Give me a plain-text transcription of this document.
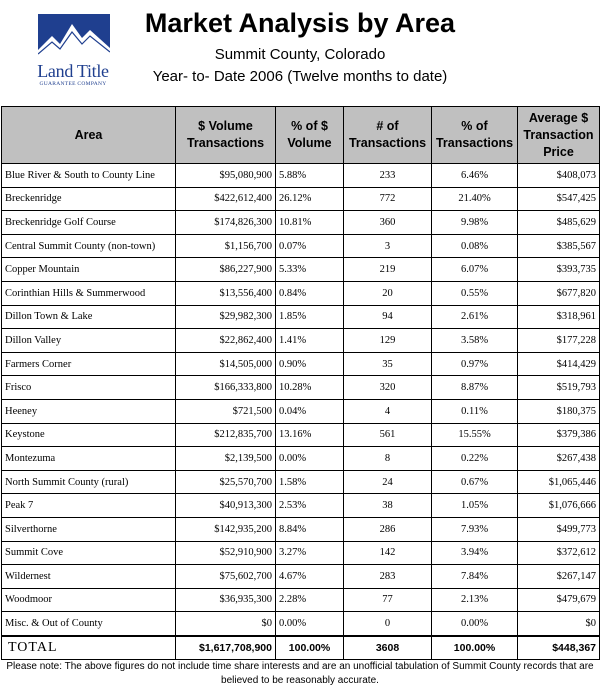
Land Title
GUARANTEE COMPANY
Market Analysis by Area
Summit County, Colorado
Year- to- Date 2006 (Twelve months to date)
Area	$ Volume Transactions	% of $ Volume	# of Transactions	% of Transactions	Average $ Transaction Price
Blue River & South to County Line	$95,080,900	5.88%	233	6.46%	$408,073
Breckenridge	$422,612,400	26.12%	772	21.40%	$547,425
Breckenridge Golf Course	$174,826,300	10.81%	360	9.98%	$485,629
Central Summit County (non-town)	$1,156,700	0.07%	3	0.08%	$385,567
Copper Mountain	$86,227,900	5.33%	219	6.07%	$393,735
Corinthian Hills & Summerwood	$13,556,400	0.84%	20	0.55%	$677,820
Dillon Town & Lake	$29,982,300	1.85%	94	2.61%	$318,961
Dillon Valley	$22,862,400	1.41%	129	3.58%	$177,228
Farmers Corner	$14,505,000	0.90%	35	0.97%	$414,429
Frisco	$166,333,800	10.28%	320	8.87%	$519,793
Heeney	$721,500	0.04%	4	0.11%	$180,375
Keystone	$212,835,700	13.16%	561	15.55%	$379,386
Montezuma	$2,139,500	0.00%	8	0.22%	$267,438
North Summit County (rural)	$25,570,700	1.58%	24	0.67%	$1,065,446
Peak 7	$40,913,300	2.53%	38	1.05%	$1,076,666
Silverthorne	$142,935,200	8.84%	286	7.93%	$499,773
Summit Cove	$52,910,900	3.27%	142	3.94%	$372,612
Wildernest	$75,602,700	4.67%	283	7.84%	$267,147
Woodmoor	$36,935,300	2.28%	77	2.13%	$479,679
Misc. & Out of County	$0	0.00%	0	0.00%	$0
TOTAL	$1,617,708,900	100.00%	3608	100.00%	$448,367
Please note: The above figures do not include time share interests and are an unofficial tabulation of Summit County records that are believed to be reasonably accurate.
